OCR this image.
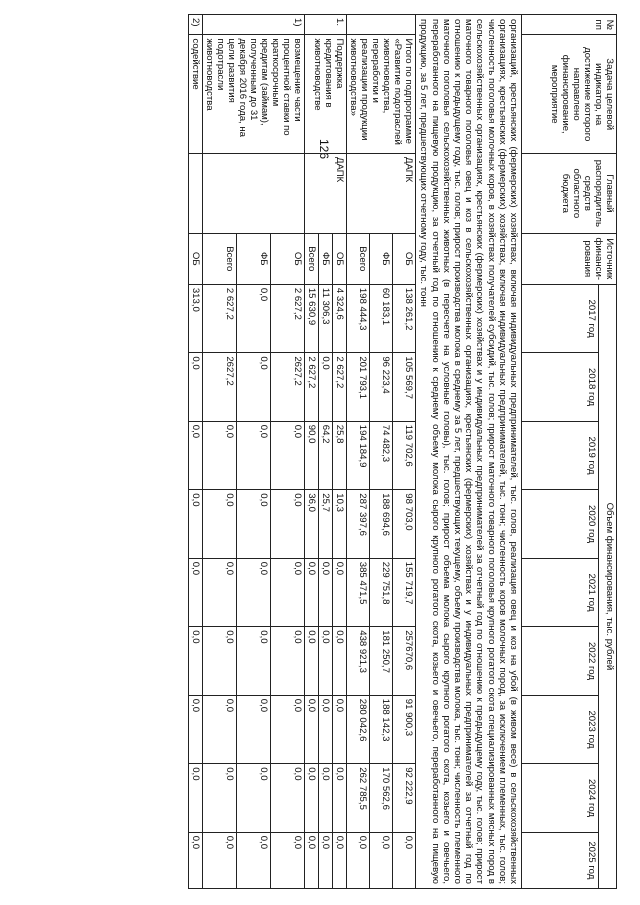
126
№ пп	Задача целевой индикатор, на достижение которого направлено финансирование, мероприятие	Главный распорядитель средств областного бюджета	Источник финанси-рования	Объем финансирования, тыс. рублей								
				2017 год	2018 год	2019 год	2020 год	2021 год	2022 год	2023 год	2024 год	2025 год
организаций, крестьянских (фермерских) хозяйствах, включая индивидуальных предпринимателей, тыс. голов, реализация овец и коз на убой (в живом весе) в сельскохозяйственных организациях, крестьянских (фермерских) хозяйствах, включая индивидуальных предпринимателей, тыс. тонн; численность коров молочных пород, за исключением племенных, тыс. голов; численность поголовья молочных коров, в хозяйствах получателей субсидий, тыс. голов; прирост маточного товарного поголовья крупного рогатого скота специализированных мясных пород в сельскохозяйственных организациях, крестьянских (фермерских) хозяйствах и у индивидуальных предпринимателей за отчетный год по отношению к предыдущему году, тыс. голов; прирост маточного товарного поголовья овец и коз в сельскохозяйственных организациях, крестьянских (фермерских) хозяйствах и у индивидуальных предпринимателей за отчетный год по отношению к предыдущему году, тыс. голов; прирост производства молока в среднему за 5 лет, предшествующих текущему, объему производства молока, тыс. тонн; численность племенного маточного поголовья сельскохозяйственных животных (в пересчете на условные головы), тыс. голов; прирост объема молока сырого крупного рогатого скота, козьего и овечьего, переработанного на пищевую продукцию, за отчетный год по отношению к среднему объему молока сырого крупного рогатого скота, козьего и овечьего, переработанного на пищевую продукцию, за 5 лет, предшествующих отчетному году, тыс. тонн												
	Итого по подпрограмме «Развитие подотраслей животноводства, переработки и реализации продукции животноводства»	ДАПК	ОБ	138 261,2	105 569,7	119 702,6	98 703,0	155 719,7	257670,6	91 900,3	92 222,9	0,0
			ФБ	60 183,1	96 223,4	74 482,3	188 694,6	229 751,8	181 250,7	188 142,3	170 562,6	0,0
			Всего	198 444,3	201 793,1	194 184,9	287 397,6	385 471,5	438 921,3	280 042,6	262 785,5	0,0
1.	Поддержка кредитования в животноводстве	ДАПК	ОБ	4 324,6	2 627,2	25,8	10,3	0,0	0,0	0,0	0,0	0,0
			ФБ	11 306,3	0,0	64,2	25,7	0,0	0,0	0,0	0,0	0,0
			Всего	15 630,9	2 627,2	90,0	36,0	0,0	0,0	0,0	0,0	0,0
1)	возмещение части процентной ставки по краткосрочным кредитам (займам), полученным до 31 декабря 2016 года, на цели развития подотрасли животноводства		ОБ	2 627,2	2627,2	0,0	0,0	0,0	0,0	0,0	0,0	0,0
			ФБ	0,0	0,0	0,0	0,0	0,0	0,0	0,0	0,0	0,0
			Всего	2 627,2	2627,2	0,0	0,0	0,0	0,0	0,0	0,0	0,0
2)	содействие		ОБ	313,0	0,0	0,0	0,0	0,0	0,0	0,0	0,0	0,0
